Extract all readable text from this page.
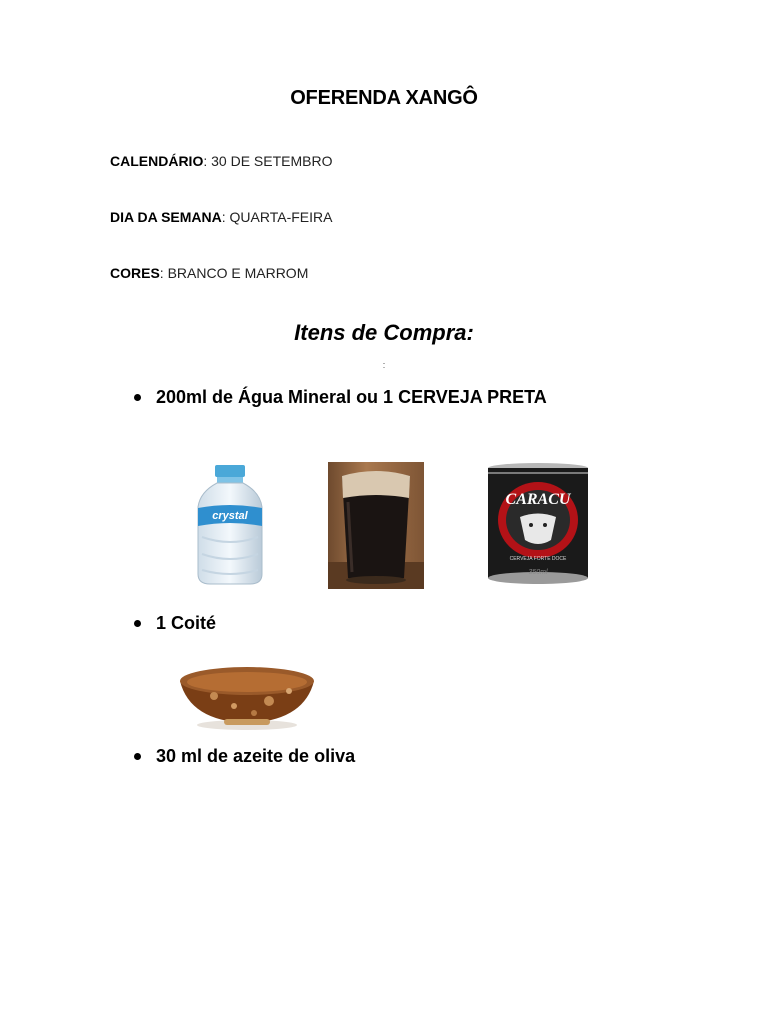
OFERENDA XANGÔ
CALENDÁRIO: 30 DE SETEMBRO
DIA DA SEMANA: QUARTA-FEIRA
CORES: BRANCO E MARROM
Itens de Compra:
:
200ml de Água Mineral ou 1 CERVEJA PRETA
crystal
CARACU
CERVEJA FORTE DOCE
350ml
1 Coité
30 ml de azeite de oliva
